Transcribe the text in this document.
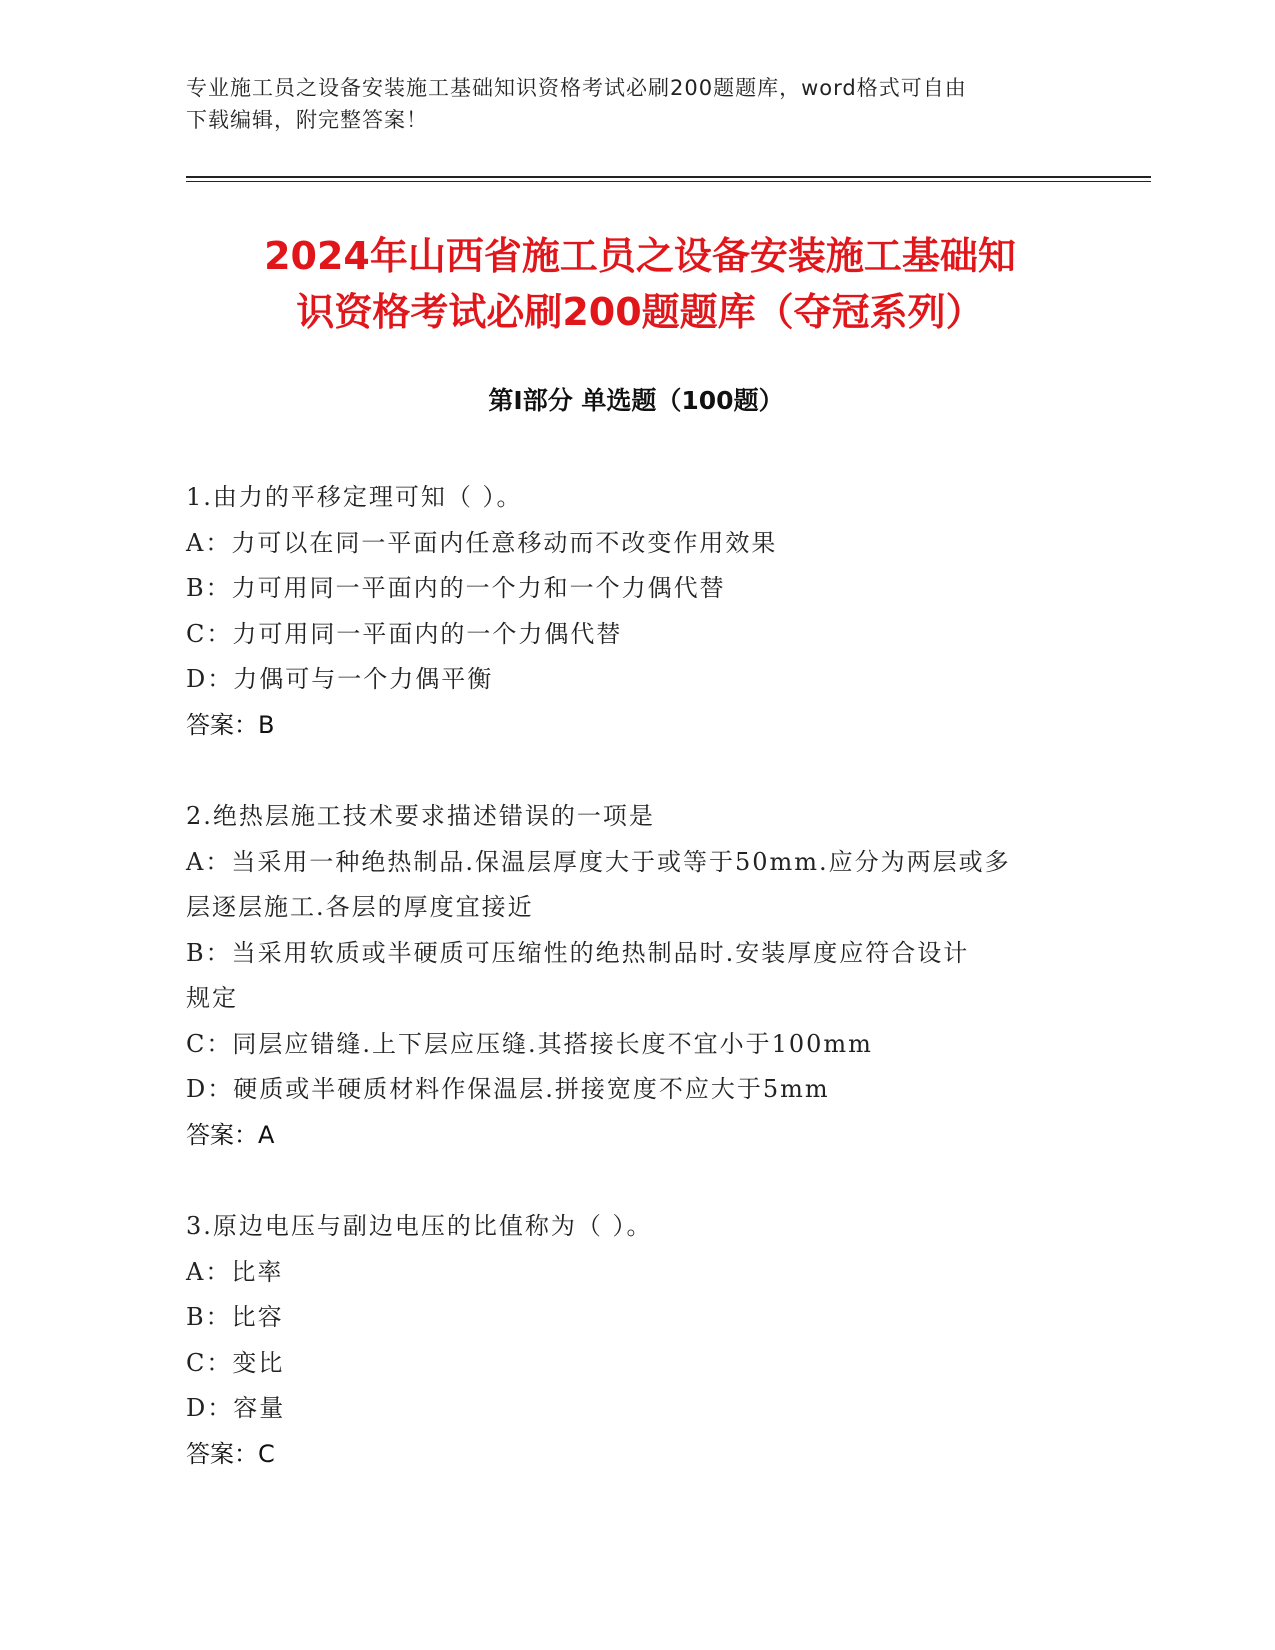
专业施工员之设备安装施工基础知识资格考试必刷200题题库，word格式可自由
下载编辑，附完整答案！
2024年山西省施工员之设备安装施工基础知
识资格考试必刷200题题库（夺冠系列）
第Ⅰ部分 单选题（100题）
1.由力的平移定理可知（ ）。
A：力可以在同一平面内任意移动而不改变作用效果
B：力可用同一平面内的一个力和一个力偶代替
C：力可用同一平面内的一个力偶代替
D：力偶可与一个力偶平衡
答案：B
2.绝热层施工技术要求描述错误的一项是
A：当采用一种绝热制品.保温层厚度大于或等于50mm.应分为两层或多
层逐层施工.各层的厚度宜接近
B：当采用软质或半硬质可压缩性的绝热制品时.安装厚度应符合设计
规定
C：同层应错缝.上下层应压缝.其搭接长度不宜小于100mm
D：硬质或半硬质材料作保温层.拼接宽度不应大于5mm
答案：A
3.原边电压与副边电压的比值称为（ ）。
A：比率
B：比容
C：变比
D：容量
答案：C
